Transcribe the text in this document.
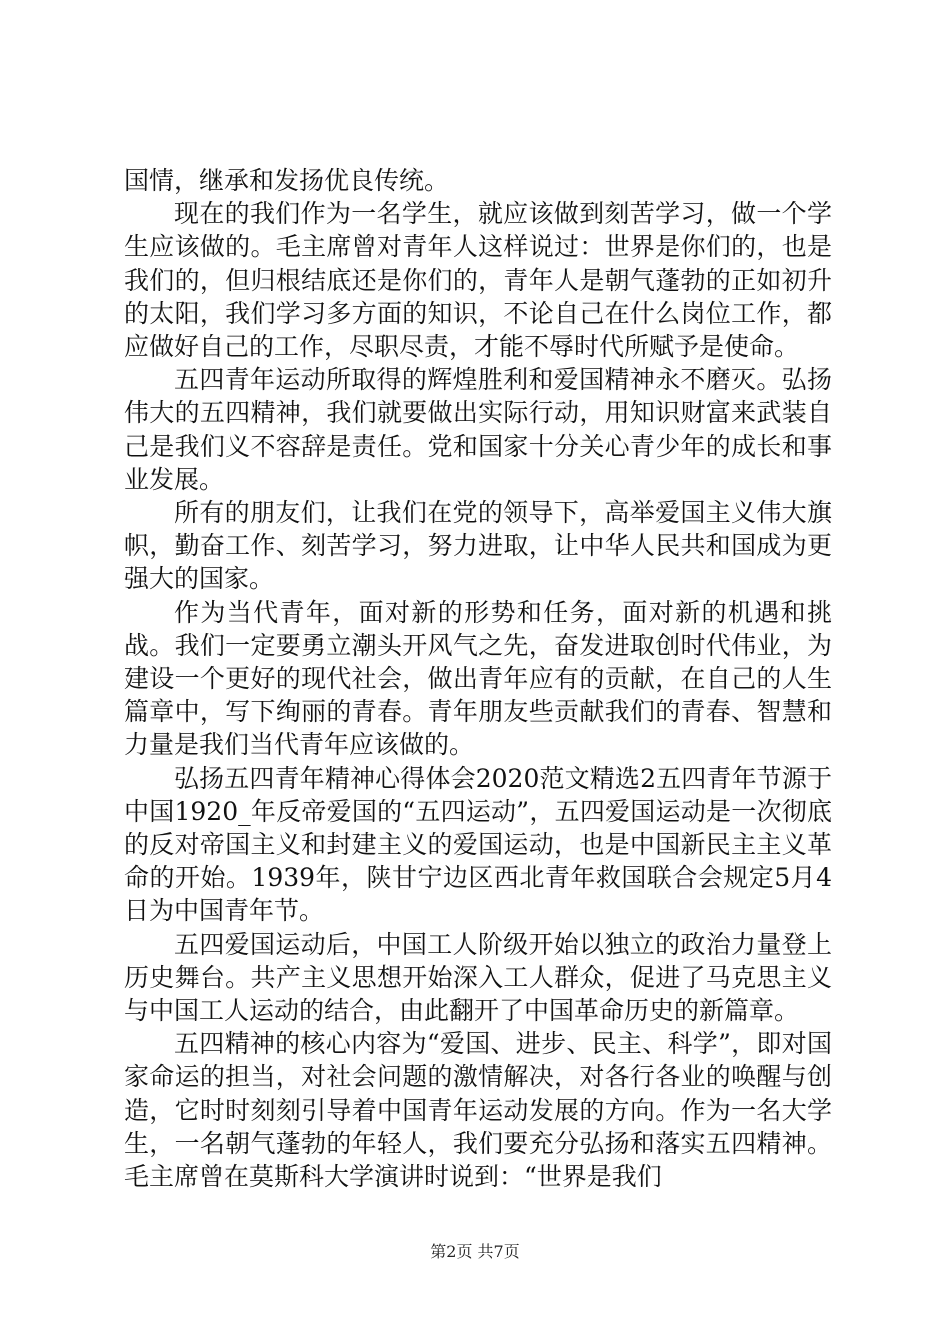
国情，继承和发扬优良传统。

现在的我们作为一名学生，就应该做到刻苦学习，做一个学生应该做的。毛主席曾对青年人这样说过：世界是你们的，也是我们的，但归根结底还是你们的，青年人是朝气蓬勃的正如初升的太阳，我们学习多方面的知识，不论自己在什么岗位工作，都应做好自己的工作，尽职尽责，才能不辱时代所赋予是使命。

五四青年运动所取得的辉煌胜利和爱国精神永不磨灭。弘扬伟大的五四精神，我们就要做出实际行动，用知识财富来武装自己是我们义不容辞是责任。党和国家十分关心青少年的成长和事业发展。

所有的朋友们，让我们在党的领导下，高举爱国主义伟大旗帜，勤奋工作、刻苦学习，努力进取，让中华人民共和国成为更强大的国家。

作为当代青年，面对新的形势和任务，面对新的机遇和挑战。我们一定要勇立潮头开风气之先，奋发进取创时代伟业，为建设一个更好的现代社会，做出青年应有的贡献，在自己的人生篇章中，写下绚丽的青春。青年朋友些贡献我们的青春、智慧和力量是我们当代青年应该做的。

弘扬五四青年精神心得体会2020范文精选2五四青年节源于中国1920_年反帝爱国的“五四运动”，五四爱国运动是一次彻底的反对帝国主义和封建主义的爱国运动，也是中国新民主主义革命的开始。1939年，陕甘宁边区西北青年救国联合会规定5月4日为中国青年节。

五四爱国运动后，中国工人阶级开始以独立的政治力量登上历史舞台。共产主义思想开始深入工人群众，促进了马克思主义与中国工人运动的结合，由此翻开了中国革命历史的新篇章。

五四精神的核心内容为“爱国、进步、民主、科学”，即对国家命运的担当，对社会问题的激情解决，对各行各业的唤醒与创造，它时时刻刻引导着中国青年运动发展的方向。作为一名大学生，一名朝气蓬勃的年轻人，我们要充分弘扬和落实五四精神。毛主席曾在莫斯科大学演讲时说到：“世界是我们

第2页 共7页
